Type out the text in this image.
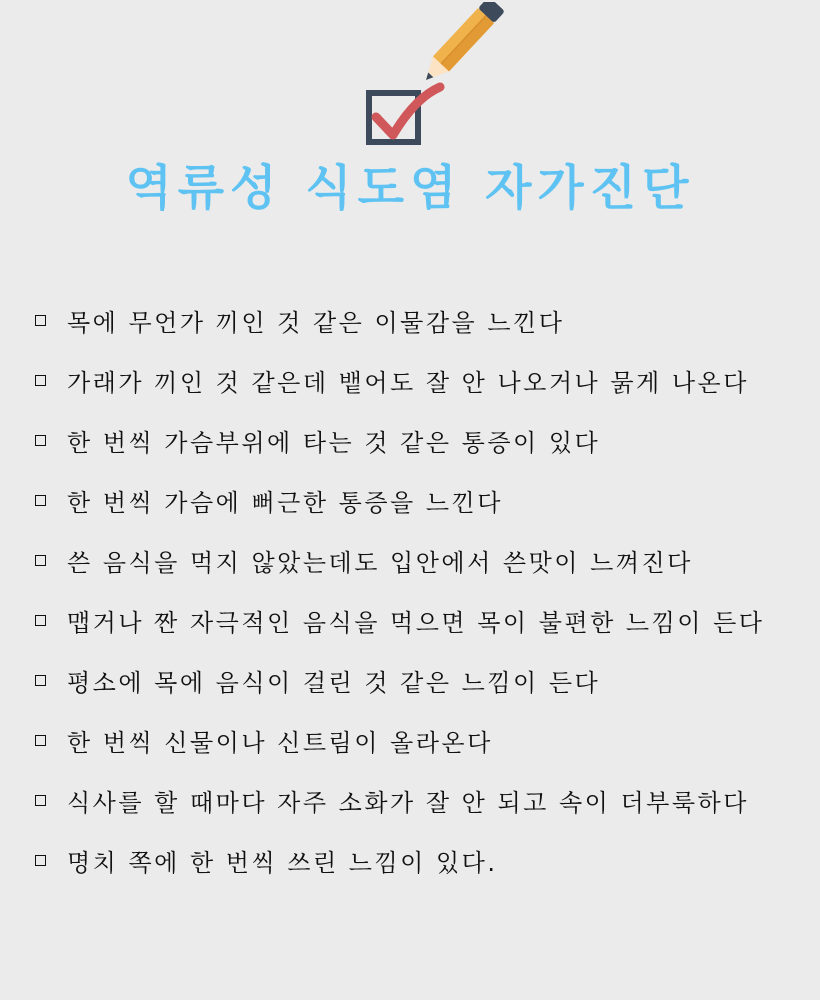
역류성 식도염 자가진단
목에 무언가 끼인 것 같은 이물감을 느낀다
가래가 끼인 것 같은데 뱉어도 잘 안 나오거나 묽게 나온다
한 번씩 가슴부위에 타는 것 같은 통증이 있다
한 번씩 가슴에 뻐근한 통증을 느낀다
쓴 음식을 먹지 않았는데도 입안에서 쓴맛이 느껴진다
맵거나 짠 자극적인 음식을 먹으면 목이 불편한 느낌이 든다
평소에 목에 음식이 걸린 것 같은 느낌이 든다
한 번씩 신물이나 신트림이 올라온다
식사를 할 때마다 자주 소화가 잘 안 되고 속이 더부룩하다
명치 쪽에 한 번씩 쓰린 느낌이 있다.
